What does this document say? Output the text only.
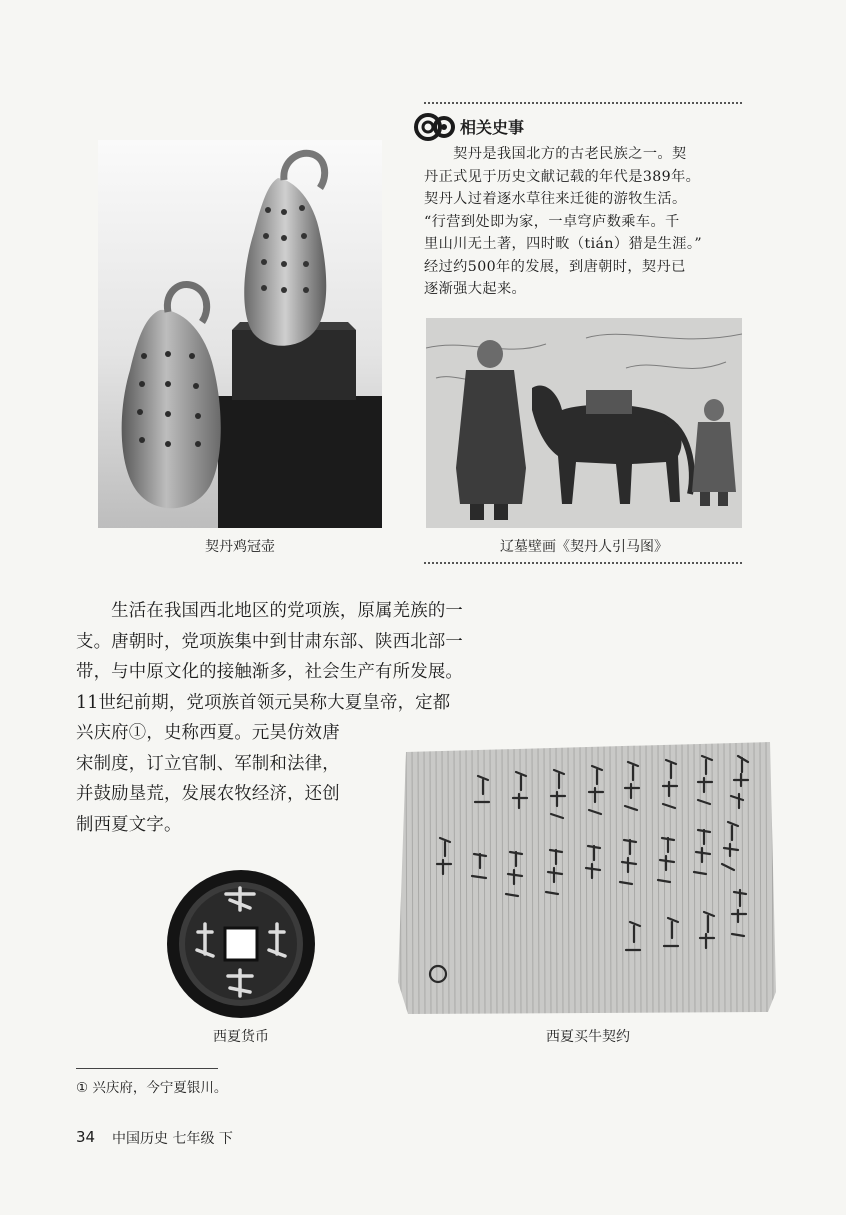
契丹鸡冠壶
相关史事

　　契丹是我国北方的古老民族之一。契

丹正式见于历史文献记载的年代是389年。

契丹人过着逐水草往来迁徙的游牧生活。

“行营到处即为家，一卓穹庐数乘车。千

里山川无土著，四时畋（tián）猎是生涯。”

经过约500年的发展，到唐朝时，契丹已

逐渐强大起来。

辽墓壁画《契丹人引马图》
　　生活在我国西北地区的党项族，原属羌族的一
支。唐朝时，党项族集中到甘肃东部、陕西北部一
带，与中原文化的接触渐多，社会生产有所发展。
11世纪前期，党项族首领元昊称大夏皇帝，定都
兴庆府①，史称西夏。元昊仿效唐
宋制度，订立官制、军制和法律，
并鼓励垦荒，发展农牧经济，还创
制西夏文字。
西夏买牛契约
西夏货币
① 兴庆府，今宁夏银川。
34 中国历史 七年级 下
